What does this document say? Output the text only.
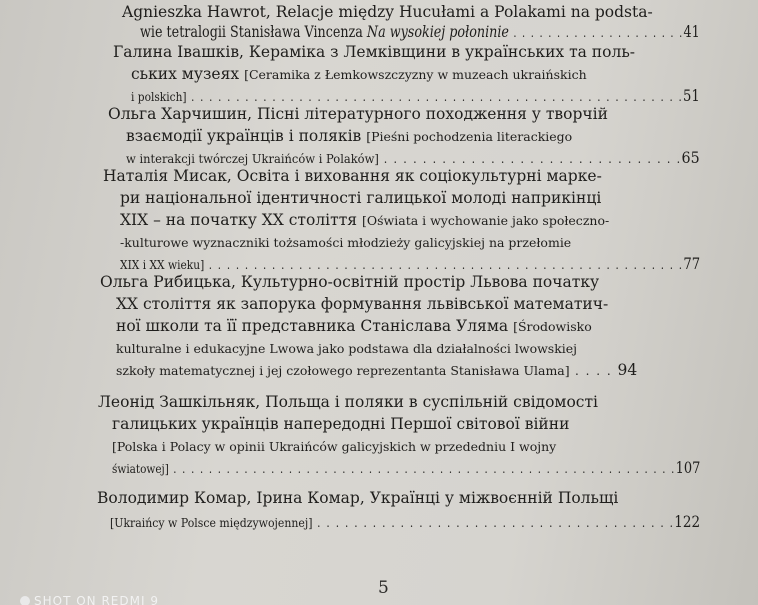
Agnieszka Hawrot, Relacje między Hucułami a Polakami na podsta-
wie tetralogii Stanisława Vincenza Na wysokiej połoninie . . . . . . . . . . . . . . . . . . . .41
Галина Івашків, Кераміка з Лемківщини в українських та поль-
ських музеях [Ceramika z Łemkowszczyzny w muzeach ukraińskich
i polskich] . . . . . . . . . . . . . . . . . . . . . . . . . . . . . . . . . . . . . . . . . . . . . . . . . . . . . . .51
Ольга Харчишин, Пісні літературного походження у творчій
взаємодії українців і поляків [Pieśni pochodzenia literackiego
w interakcji twórczej Ukraińców i Polaków] . . . . . . . . . . . . . . . . . . . . . . . . . . . . . . .65
Наталія Мисак, Освіта і виховання як соціокультурні марке-
ри національної ідентичності галицької молоді наприкінці
XIX – на початку XX століття [Oświata i wychowanie jako społeczno-
-kulturowe wyznaczniki tożsamości młodzieży galicyjskiej na przełomie
XIX i XX wieku] . . . . . . . . . . . . . . . . . . . . . . . . . . . . . . . . . . . . . . . . . . . . . . . . . . . . .77
Ольга Рибицька, Культурно-освітній простір Львова початку
XX століття як запорука формування львівської математич-
ної школи та її представника Станіслава Уляма [Środowisko
kulturalne i edukacyjne Lwowa jako podstawa dla działalności lwowskiej
szkoły matematycznej i jej czołowego reprezentanta Stanisława Ulama] . . . . 94
Леонід Зашкільняк, Польща і поляки в суспільній свідомості
галицьких українців напередодні Першої світової війни
[Polska i Polacy w opinii Ukraińców galicyjskich w przededniu I wojny
światowej] . . . . . . . . . . . . . . . . . . . . . . . . . . . . . . . . . . . . . . . . . . . . . . . . . . . . . . . . .107
Володимир Комар, Ірина Комар, Українці у міжвоєнній Польщі
[Ukraińcy w Polsce międzywojennej] . . . . . . . . . . . . . . . . . . . . . . . . . . . . . . . . . . . . . . .122
5
SHOT ON REDMI 9
